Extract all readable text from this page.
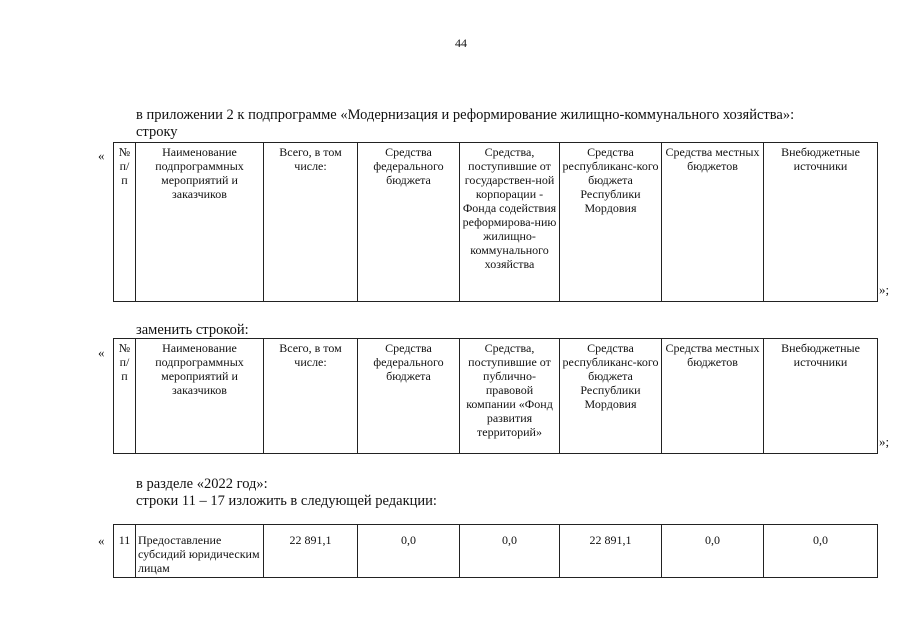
44
в приложении 2 к подпрограмме «Модернизация и реформирование жилищно-коммунального хозяйства»:
строку
« № п/ п	Наименование подпрограммных мероприятий и заказчиков	Всего, в том числе:	Средства федерального бюджета	Средства, поступившие от государствен-ной корпорации - Фонда содействия реформирова-нию жилищно-коммунального хозяйства	Средства республиканс-кого бюджета Республики Мордовия	Средства местных бюджетов	Внебюджетные источники
»;
заменить строкой:
« № п/ п	Наименование подпрограммных мероприятий и заказчиков	Всего, в том числе:	Средства федерального бюджета	Средства, поступившие от публично-правовой компании «Фонд развития территорий»	Средства республиканс-кого бюджета Республики Мордовия	Средства местных бюджетов	Внебюджетные источники
»;
в разделе «2022 год»:
строки 11 – 17 изложить в следующей редакции:
« 11	Предоставление субсидий юридическим лицам	22 891,1	0,0	0,0	22 891,1	0,0	0,0
